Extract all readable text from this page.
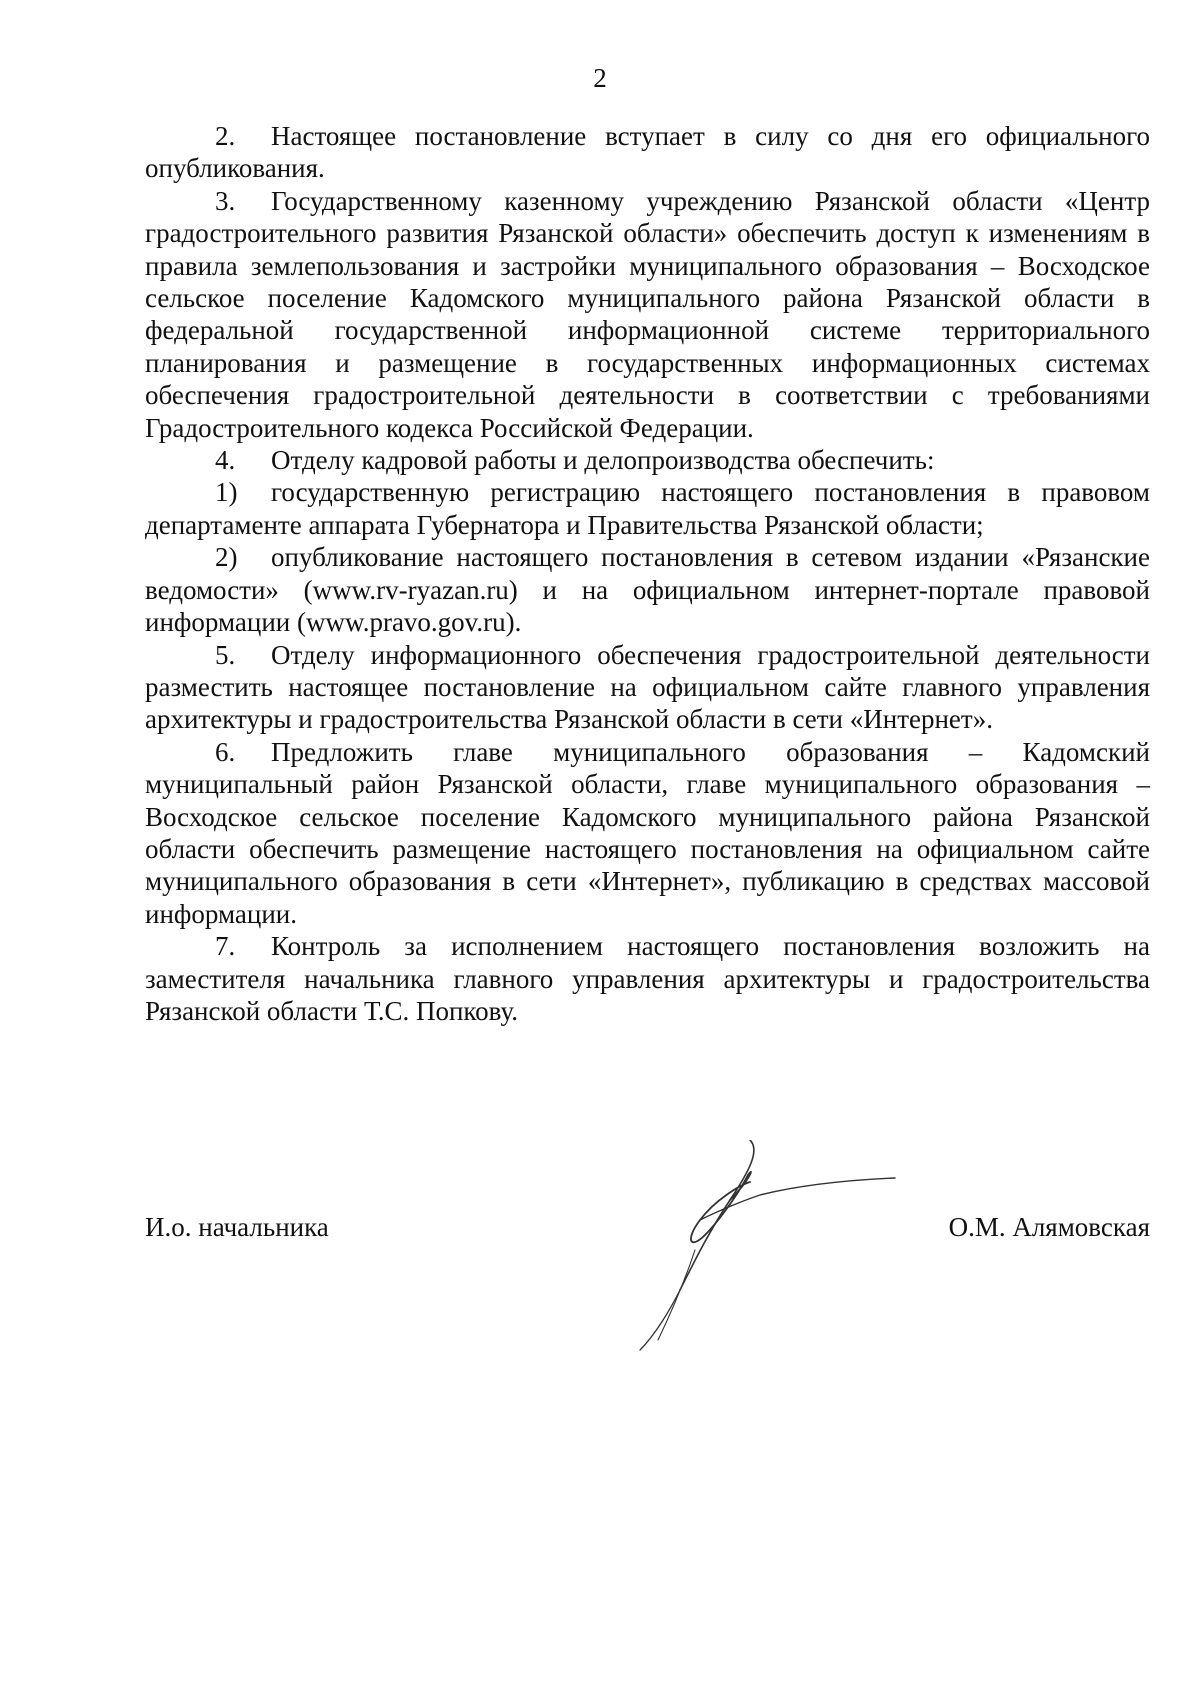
2

2. Настоящее постановление вступает в силу со дня его официального опубликования.

3. Государственному казенному учреждению Рязанской области «Центр градостроительного развития Рязанской области» обеспечить доступ к изменениям в правила землепользования и застройки муниципального образования – Восходское сельское поселение Кадомского муниципального района Рязанской области в федеральной государственной информационной системе территориального планирования и размещение в государственных информационных системах обеспечения градостроительной деятельности в соответствии с требованиями Градостроительного кодекса Российской Федерации.

4. Отделу кадровой работы и делопроизводства обеспечить:

1) государственную регистрацию настоящего постановления в правовом департаменте аппарата Губернатора и Правительства Рязанской области;

2) опубликование настоящего постановления в сетевом издании «Рязанские ведомости» (www.rv-ryazan.ru) и на официальном интернет-портале правовой информации (www.pravo.gov.ru).

5. Отделу информационного обеспечения градостроительной деятельности разместить настоящее постановление на официальном сайте главного управления архитектуры и градостроительства Рязанской области в сети «Интернет».

6. Предложить главе муниципального образования – Кадомский муниципальный район Рязанской области, главе муниципального образования – Восходское сельское поселение Кадомского муниципального района Рязанской области обеспечить размещение настоящего постановления на официальном сайте муниципального образования в сети «Интернет», публикацию в средствах массовой информации.

7. Контроль за исполнением настоящего постановления возложить на заместителя начальника главного управления архитектуры и градостроительства Рязанской области Т.С. Попкову.

И.о. начальника	О.М. Алямовская
